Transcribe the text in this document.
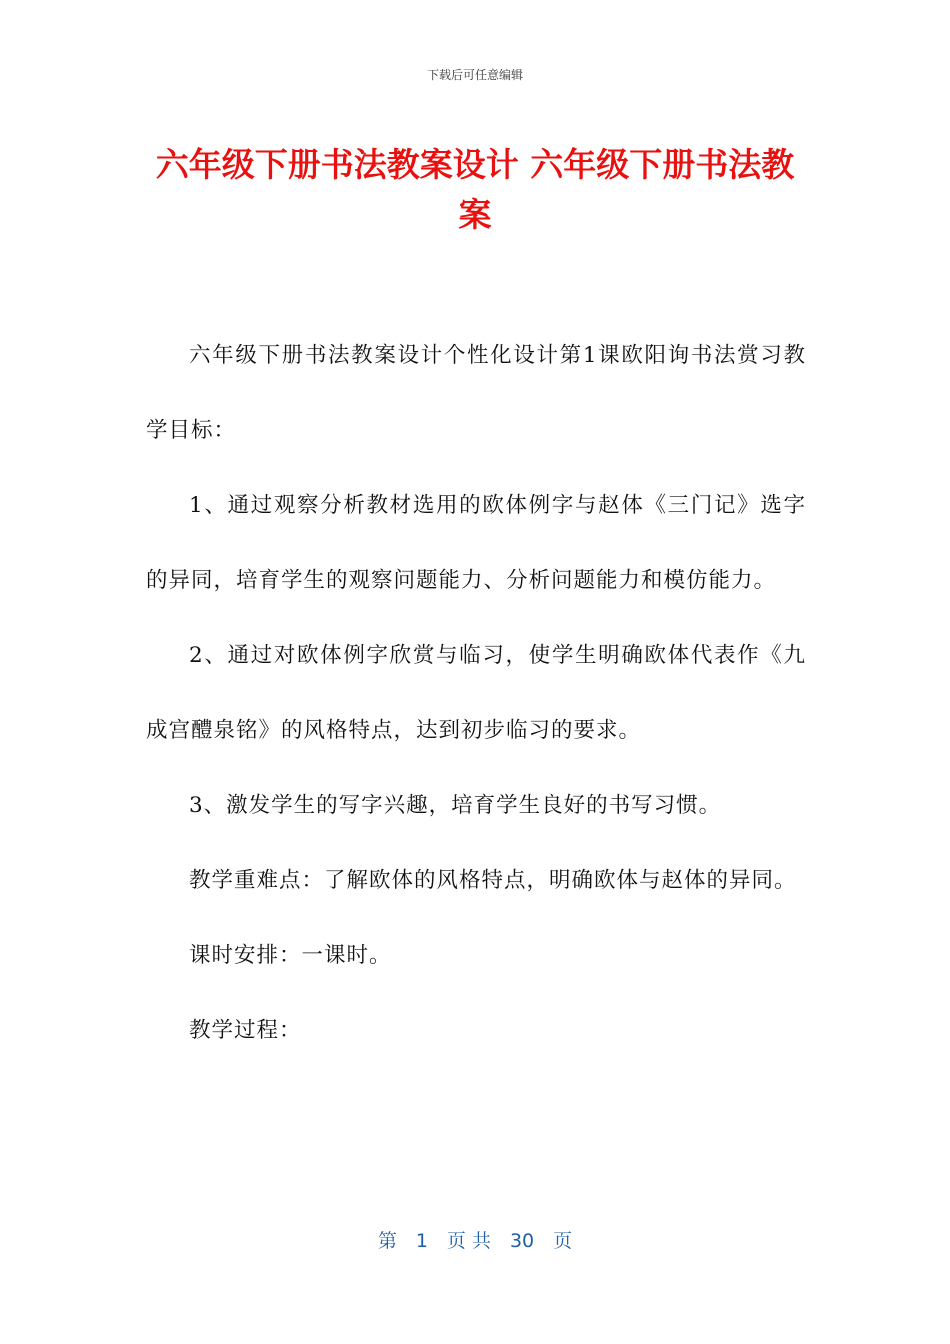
下载后可任意编辑
六年级下册书法教案设计 六年级下册书法教案

六年级下册书法教案设计个性化设计第1课欧阳询书法赏习教学目标：

1、通过观察分析教材选用的欧体例字与赵体《三门记》选字的异同，培育学生的观察问题能力、分析问题能力和模仿能力。

2、通过对欧体例字欣赏与临习，使学生明确欧体代表作《九成宫醴泉铭》的风格特点，达到初步临习的要求。

3、激发学生的写字兴趣，培育学生良好的书写习惯。

教学重难点：了解欧体的风格特点，明确欧体与赵体的异同。

课时安排：一课时。

教学过程：

第　1　页 共　30　页
